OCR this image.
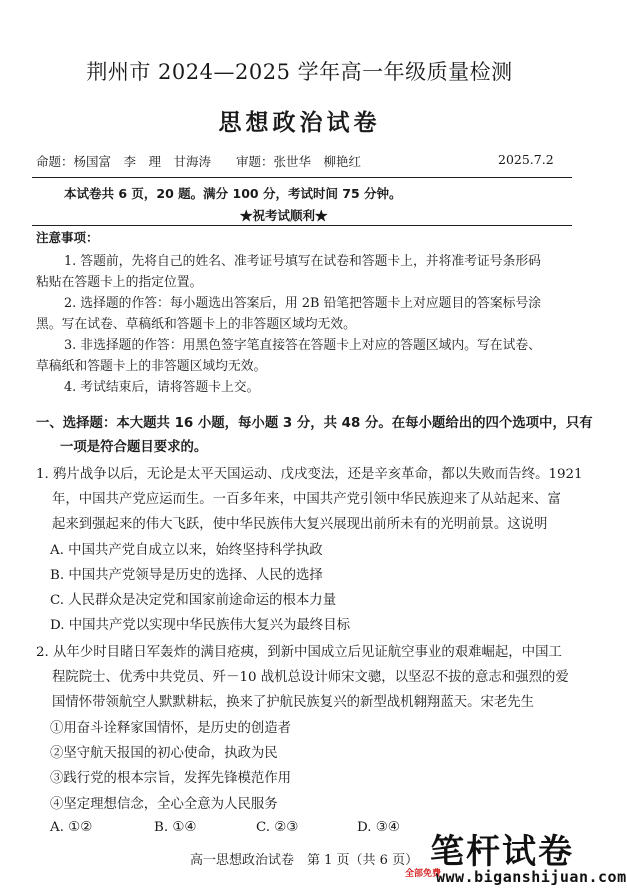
荆州市 2024—2025 学年高一年级质量检测
思想政治试卷
命题：杨国富　李　理　甘海涛　　审题：张世华　柳艳红	2025.7.2
本试卷共 6 页，20 题。满分 100 分，考试时间 75 分钟。
★祝考试顺利★
注意事项：
1. 答题前，先将自己的姓名、准考证号填写在试卷和答题卡上，并将准考证号条形码
粘贴在答题卡上的指定位置。
2. 选择题的作答：每小题选出答案后，用 2B 铅笔把答题卡上对应题目的答案标号涂
黑。写在试卷、草稿纸和答题卡上的非答题区域均无效。
3. 非选择题的作答：用黑色签字笔直接答在答题卡上对应的答题区域内。写在试卷、
草稿纸和答题卡上的非答题区域均无效。
4. 考试结束后，请将答题卡上交。
一、选择题：本大题共 16 小题，每小题 3 分，共 48 分。在每小题给出的四个选项中，只有
一项是符合题目要求的。
1. 鸦片战争以后，无论是太平天国运动、戊戌变法，还是辛亥革命，都以失败而告终。1921
年，中国共产党应运而生。一百多年来，中国共产党引领中华民族迎来了从站起来、富
起来到强起来的伟大飞跃，使中华民族伟大复兴展现出前所未有的光明前景。这说明
A. 中国共产党自成立以来，始终坚持科学执政
B. 中国共产党领导是历史的选择、人民的选择
C. 人民群众是决定党和国家前途命运的根本力量
D. 中国共产党以实现中华民族伟大复兴为最终目标
2. 从年少时目睹日军轰炸的满目疮痍，到新中国成立后见证航空事业的艰难崛起，中国工
程院院士、优秀中共党员、歼－10 战机总设计师宋文骢，以坚忍不拔的意志和强烈的爱
国情怀带领航空人默默耕耘，换来了护航民族复兴的新型战机翱翔蓝天。宋老先生
①用奋斗诠释家国情怀，是历史的创造者
②坚守航天报国的初心使命，执政为民
③践行党的根本宗旨，发挥先锋模范作用
④坚定理想信念，全心全意为人民服务
A. ①②	B. ①④	C. ②③	D. ③④
高一思想政治试卷　第 1 页（共 6 页） 笔杆试卷
全部免费
www.biganshijuan.com
